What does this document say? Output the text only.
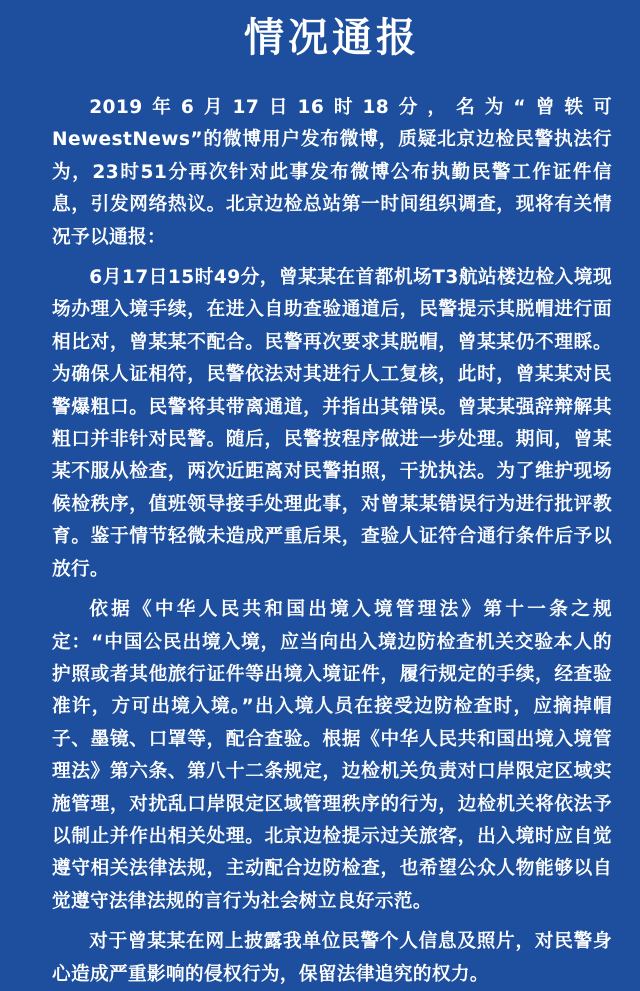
情况通报

2019年6月17日16时18分，名为“曾轶可NewestNews”的微博用户发布微博，质疑北京边检民警执法行为，23时51分再次针对此事发布微博公布执勤民警工作证件信息，引发网络热议。北京边检总站第一时间组织调查，现将有关情况予以通报：

6月17日15时49分，曾某某在首都机场T3航站楼边检入境现场办理入境手续，在进入自助查验通道后，民警提示其脱帽进行面相比对，曾某某不配合。民警再次要求其脱帽，曾某某仍不理睬。为确保人证相符，民警依法对其进行人工复核，此时，曾某某对民警爆粗口。民警将其带离通道，并指出其错误。曾某某强辞辩解其粗口并非针对民警。随后，民警按程序做进一步处理。期间，曾某某不服从检查，两次近距离对民警拍照，干扰执法。为了维护现场候检秩序，值班领导接手处理此事，对曾某某错误行为进行批评教育。鉴于情节轻微未造成严重后果，查验人证符合通行条件后予以放行。

依据《中华人民共和国出境入境管理法》第十一条之规定：“中国公民出境入境，应当向出入境边防检查机关交验本人的护照或者其他旅行证件等出境入境证件，履行规定的手续，经查验准许，方可出境入境。”出入境人员在接受边防检查时，应摘掉帽子、墨镜、口罩等，配合查验。根据《中华人民共和国出境入境管理法》第六条、第八十二条规定，边检机关负责对口岸限定区域实施管理，对扰乱口岸限定区域管理秩序的行为，边检机关将依法予以制止并作出相关处理。北京边检提示过关旅客，出入境时应自觉遵守相关法律法规，主动配合边防检查，也希望公众人物能够以自觉遵守法律法规的言行为社会树立良好示范。

对于曾某某在网上披露我单位民警个人信息及照片，对民警身心造成严重影响的侵权行为，保留法律追究的权力。
